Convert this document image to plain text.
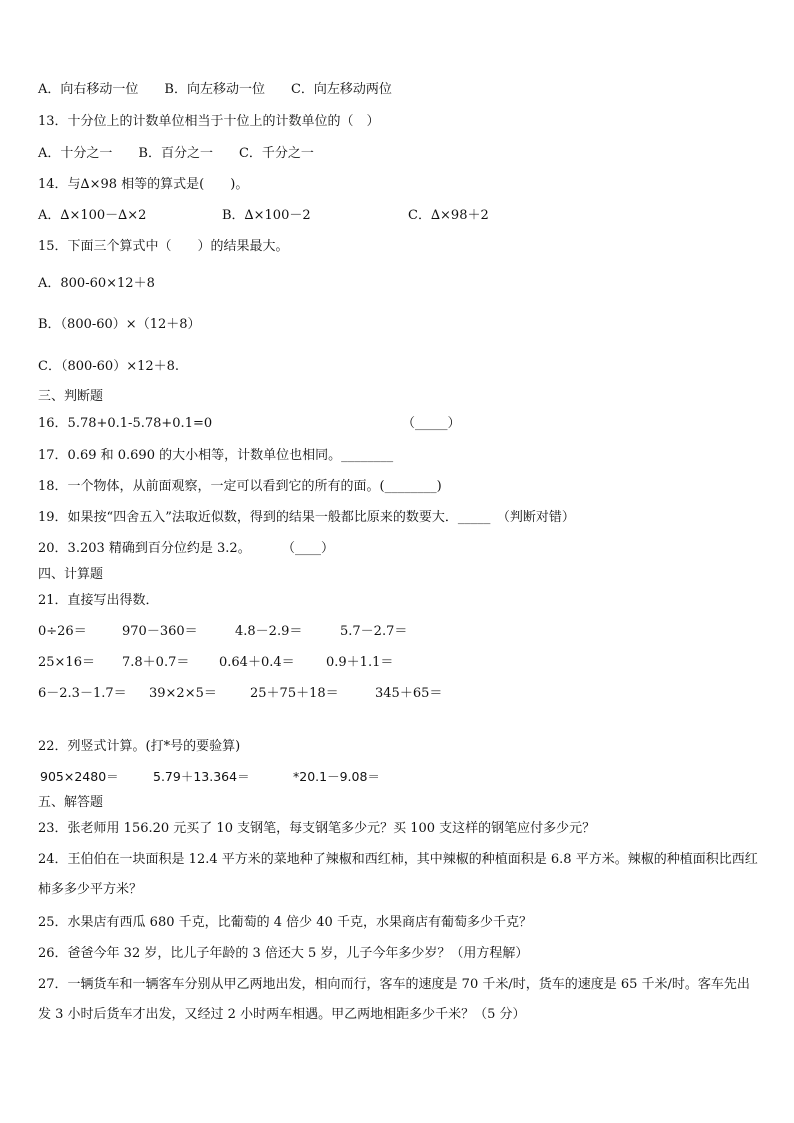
A．向右移动一位　　B．向左移动一位　　C．向左移动两位
13．十分位上的计数单位相当于十位上的计数单位的（　）
A．十分之一　　B．百分之一　　C．千分之一
14．与∆×98 相等的算式是(　　)。
A．∆×100－∆×2	B．∆×100－2	C．∆×98＋2
15．下面三个算式中（　　）的结果最大。
A．800-60×12＋8
B．（800-60）×（12＋8）
C．（800-60）×12＋8.
三、判断题
16．5.78+0.1-5.78+0.1=0	（_____）
17．0.69 和 0.690 的大小相等，计数单位也相同。________
18．一个物体，从前面观察，一定可以看到它的所有的面。(________)
19．如果按“四舍五入”法取近似数，得到的结果一般都比原来的数要大．_____　（判断对错）
20．3.203 精确到百分位约是 3.2。 （____）
四、计算题
21．直接写出得数．
0÷26＝	970－360＝	4.8－2.9＝	5.7－2.7＝
25×16＝ 7.8＋0.7＝ 0.64＋0.4＝ 0.9＋1.1＝
6－2.3－1.7＝ 39×2×5＝	25＋75＋18＝	345＋65＝
22．列竖式计算。(打*号的要验算)
905×2480＝	5.79＋13.364＝	*20.1－9.08＝
五、解答题
23．张老师用 156.20 元买了 10 支钢笔，每支钢笔多少元？买 100 支这样的钢笔应付多少元？
24．王伯伯在一块面积是 12.4 平方米的菜地种了辣椒和西红柿，其中辣椒的种植面积是 6.8 平方米。辣椒的种植面积比西红柿多多少平方米？
25．水果店有西瓜 680 千克，比葡萄的 4 倍少 40 千克，水果商店有葡萄多少千克？
26．爸爸今年 32 岁，比儿子年龄的 3 倍还大 5 岁，儿子今年多少岁？（用方程解）
27．一辆货车和一辆客车分别从甲乙两地出发，相向而行，客车的速度是 70 千米/时，货车的速度是 65 千米/时。客车先出发 3 小时后货车才出发，又经过 2 小时两车相遇。甲乙两地相距多少千米？（5 分）
